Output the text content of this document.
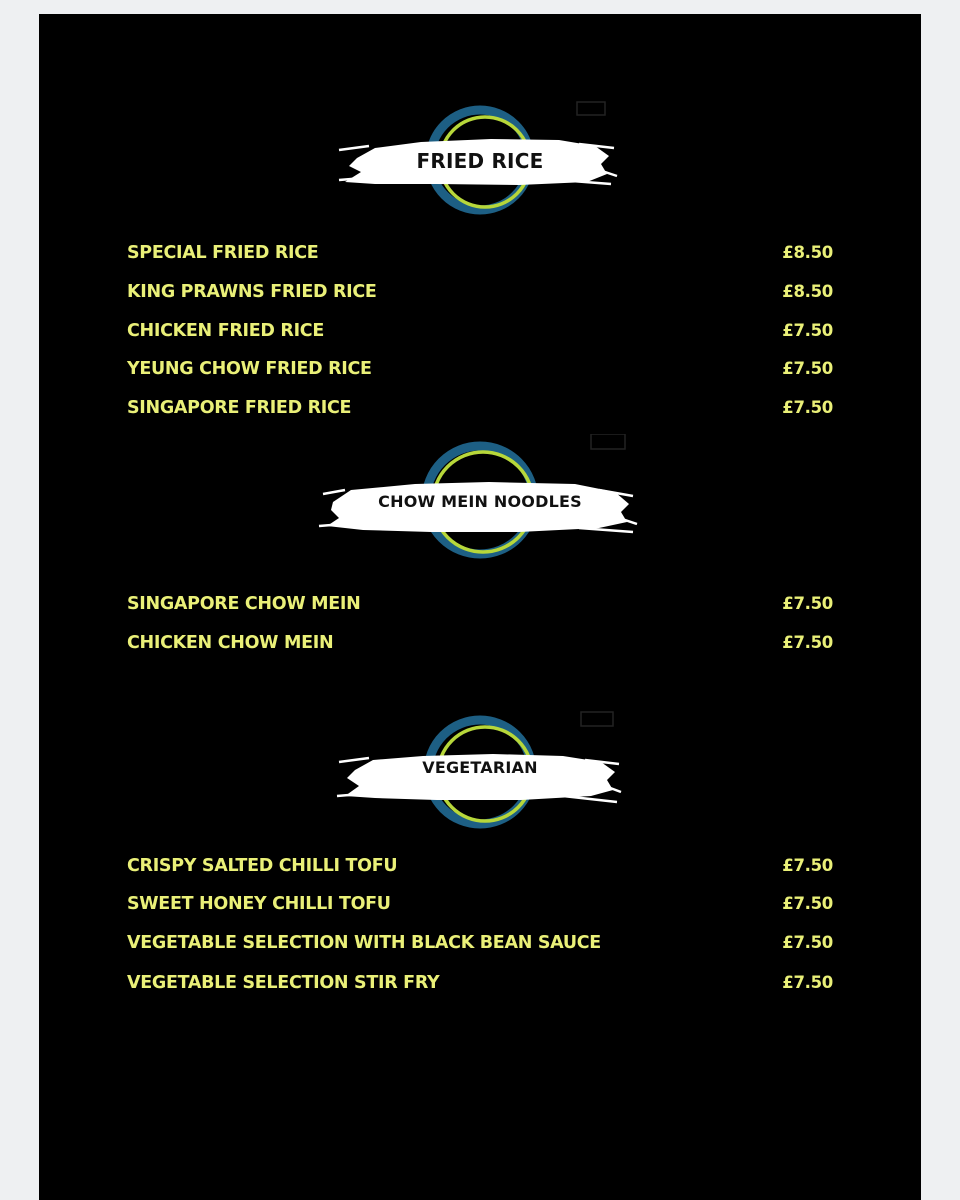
FRIED RICE
SPECIAL FRIED RICE	£8.50
KING PRAWNS FRIED RICE	£8.50
CHICKEN FRIED RICE	£7.50
YEUNG CHOW FRIED RICE	£7.50
SINGAPORE FRIED RICE	£7.50
CHOW MEIN NOODLES
SINGAPORE CHOW MEIN	£7.50
CHICKEN CHOW MEIN	£7.50
VEGETARIAN
CRISPY SALTED CHILLI TOFU	£7.50
SWEET HONEY CHILLI TOFU	£7.50
VEGETABLE SELECTION WITH BLACK BEAN SAUCE	£7.50
VEGETABLE SELECTION STIR FRY	£7.50
